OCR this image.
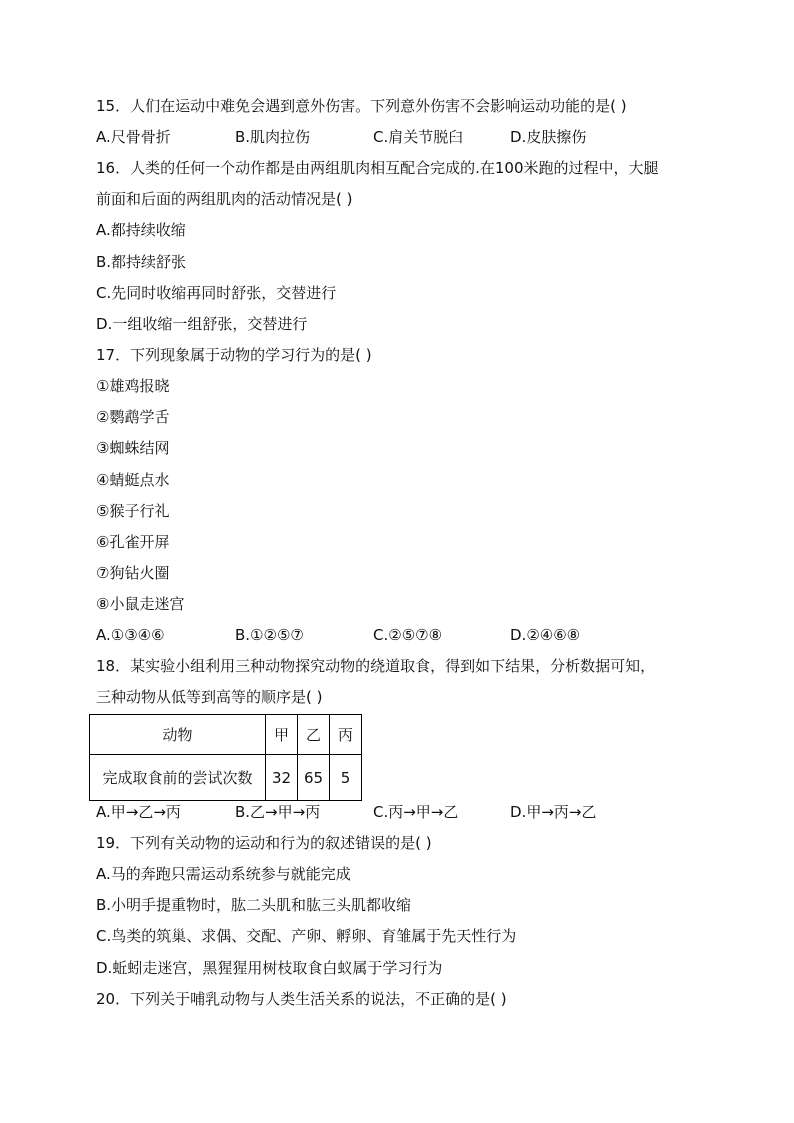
15．人们在运动中难免会遇到意外伤害。下列意外伤害不会影响运动功能的是( )
A.尺骨骨折	B.肌肉拉伤	C.肩关节脱臼	D.皮肤擦伤
16．人类的任何一个动作都是由两组肌肉相互配合完成的.在100米跑的过程中，大腿
前面和后面的两组肌肉的活动情况是( )
A.都持续收缩
B.都持续舒张
C.先同时收缩再同时舒张，交替进行
D.一组收缩一组舒张，交替进行
17．下列现象属于动物的学习行为的是( )
①雄鸡报晓
②鹦鹉学舌
③蜘蛛结网
④蜻蜓点水
⑤猴子行礼
⑥孔雀开屏
⑦狗钻火圈
⑧小鼠走迷宫
A.①③④⑥	B.①②⑤⑦	C.②⑤⑦⑧	D.②④⑥⑧
18．某实验小组利用三种动物探究动物的绕道取食，得到如下结果，分析数据可知，
三种动物从低等到高等的顺序是( )
动物	甲	乙	丙
完成取食前的尝试次数	32	65	5
A.甲→乙→丙	B.乙→甲→丙	C.丙→甲→乙	D.甲→丙→乙
19．下列有关动物的运动和行为的叙述错误的是( )
A.马的奔跑只需运动系统参与就能完成
B.小明手提重物时，肱二头肌和肱三头肌都收缩
C.鸟类的筑巢、求偶、交配、产卵、孵卵、育雏属于先天性行为
D.蚯蚓走迷宫，黑猩猩用树枝取食白蚁属于学习行为
20．下列关于哺乳动物与人类生活关系的说法，不正确的是( )
